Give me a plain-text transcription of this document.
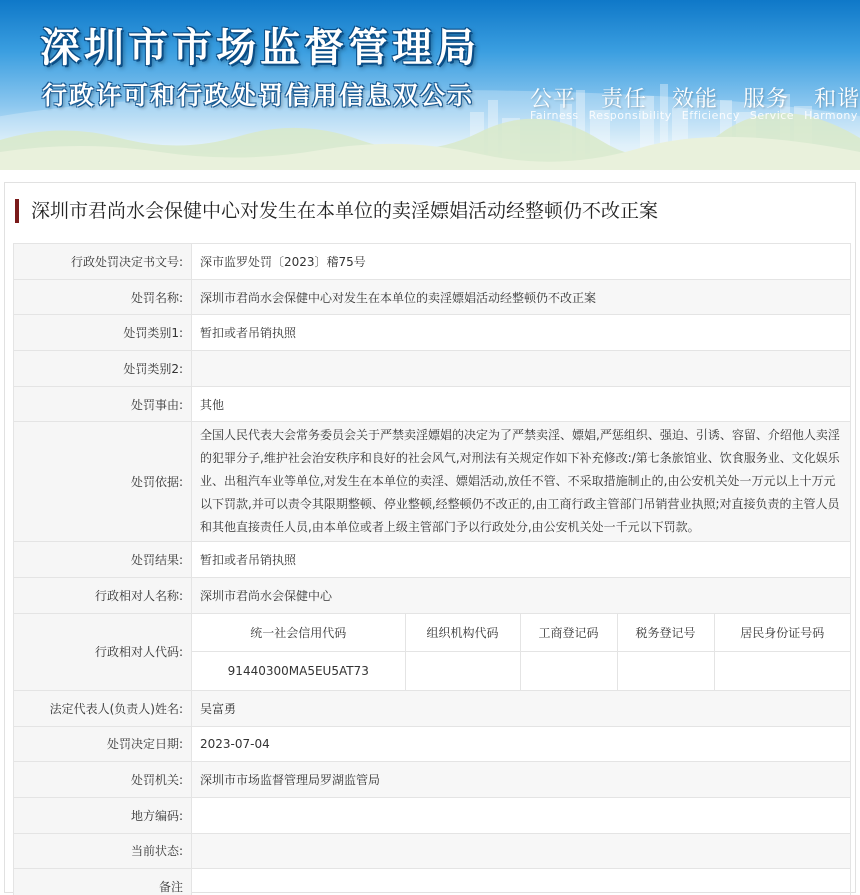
深圳市市场监督管理局
行政许可和行政处罚信用信息双公示	公平 责任 效能 服务 和谐
Fairness Responsibility Efficiency Service Harmony
深圳市君尚水会保健中心对发生在本单位的卖淫嫖娼活动经整顿仍不改正案
行政处罚决定书文号:	深市监罗处罚〔2023〕稽75号
处罚名称:	深圳市君尚水会保健中心对发生在本单位的卖淫嫖娼活动经整顿仍不改正案
处罚类别1:	暂扣或者吊销执照
处罚类别2:	
处罚事由:	其他
处罚依据:	全国人民代表大会常务委员会关于严禁卖淫嫖娼的决定为了严禁卖淫、嫖娼,严惩组织、强迫、引诱、容留、介绍他人卖淫的犯罪分子,维护社会治安秩序和良好的社会风气,对刑法有关规定作如下补充修改:/第七条旅馆业、饮食服务业、文化娱乐业、出租汽车业等单位,对发生在本单位的卖淫、嫖娼活动,放任不管、不采取措施制止的,由公安机关处一万元以上十万元以下罚款,并可以责令其限期整顿、停业整顿,经整顿仍不改正的,由工商行政主管部门吊销营业执照;对直接负责的主管人员和其他直接责任人员,由本单位或者上级主管部门予以行政处分,由公安机关处一千元以下罚款。
处罚结果:	暂扣或者吊销执照
行政相对人名称:	深圳市君尚水会保健中心
行政相对人代码:	
统一社会信用代码	组织机构代码	工商登记码	税务登记号	居民身份证号码
91440300MA5EU5AT73				

法定代表人(负责人)姓名:	吴富勇
处罚决定日期:	2023-07-04
处罚机关:	深圳市市场监督管理局罗湖监管局
地方编码:	
当前状态:	
备注	
